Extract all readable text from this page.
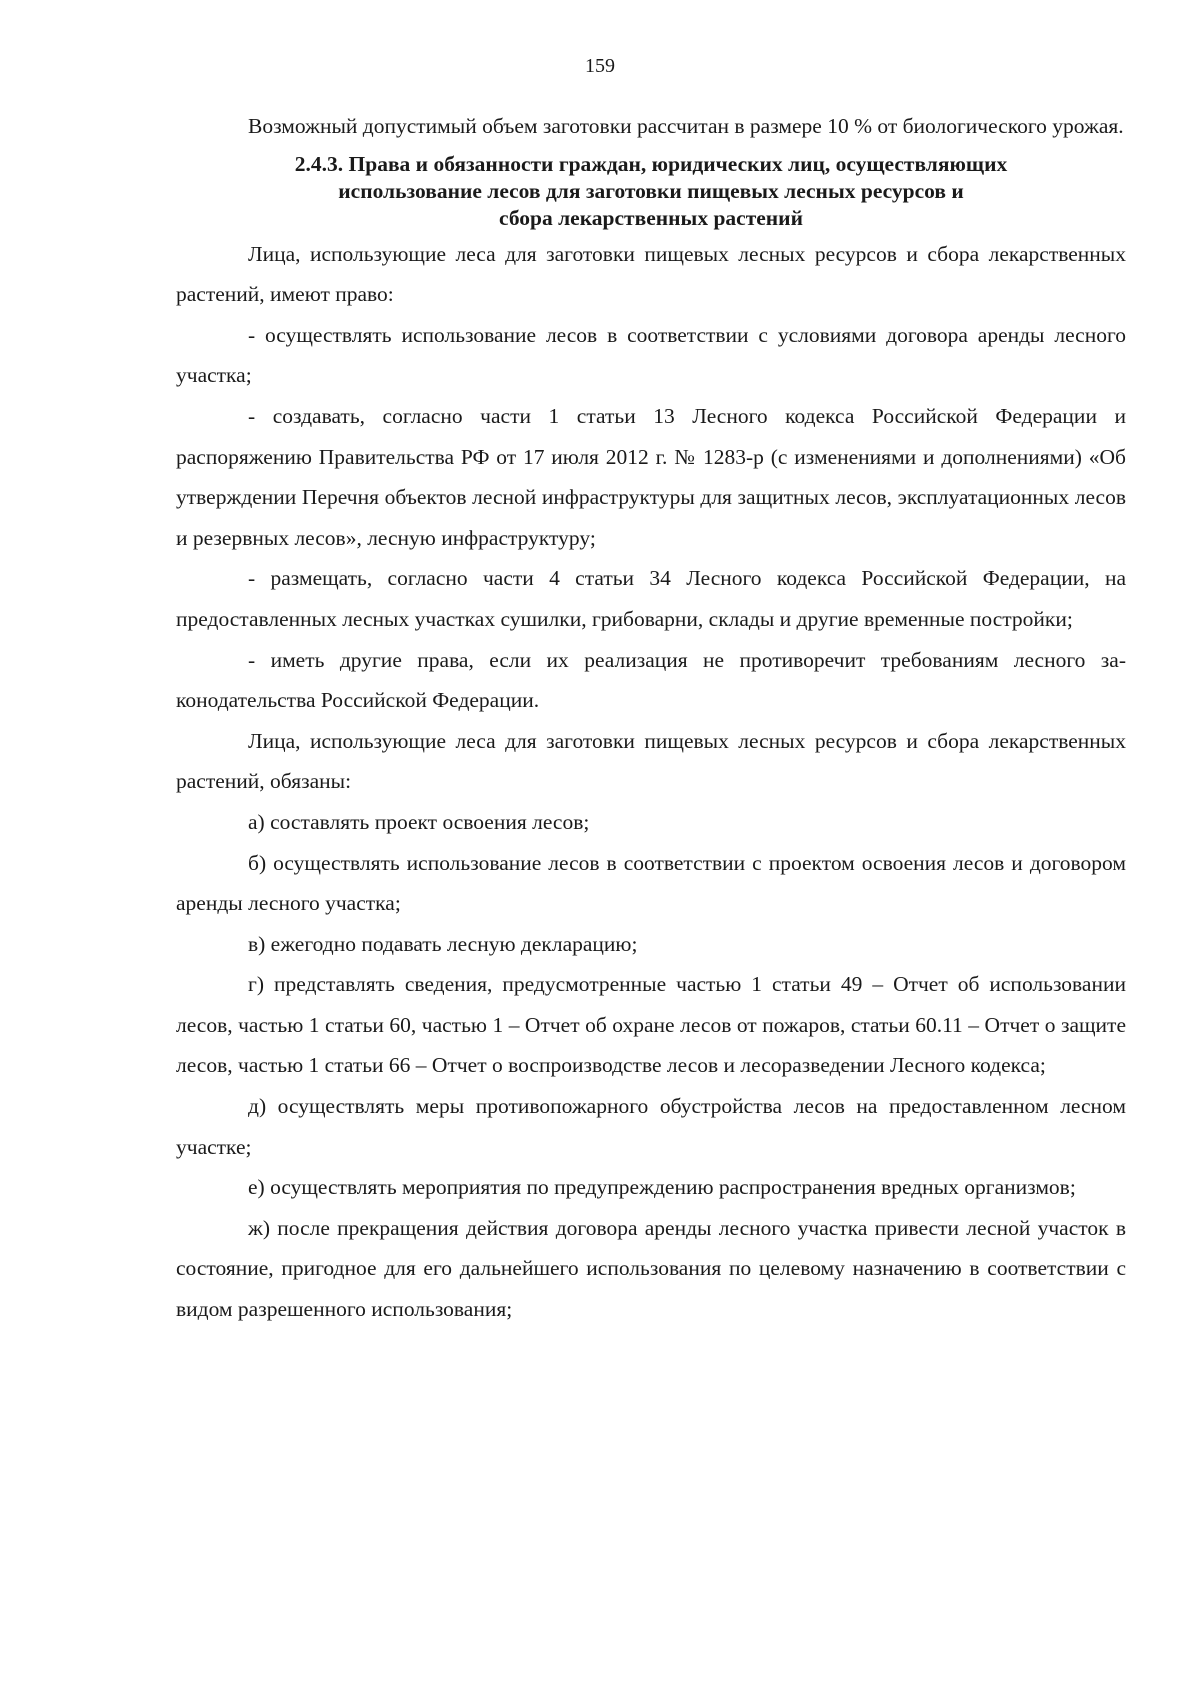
159

Возможный допустимый объем заготовки рассчитан в размере 10 % от биологического урожая.

2.4.3. Права и обязанности граждан, юридических лиц, осуществляющих
использование лесов для заготовки пищевых лесных ресурсов и
сбора лекарственных растений

Лица, использующие леса для заготовки пищевых лесных ресурсов и сбора лекарственных растений, имеют право:

- осуществлять использование лесов в соответствии с условиями договора аренды лесного участка;

- создавать, согласно части 1 статьи 13 Лесного кодекса Российской Федерации и распоряжению Правительства РФ от 17 июля 2012 г. № 1283-р (с изменениями и дополнениями) «Об утверждении Перечня объектов лесной инфраструктуры для защитных лесов, эксплуатационных лесов и резервных лесов», лесную инфраструктуру;

- размещать, согласно части 4 статьи 34 Лесного кодекса Российской Федерации, на предоставленных лесных участках сушилки, грибоварни, склады и другие временные постройки;

- иметь другие права, если их реализация не противоречит требованиям лесного законодательства Российской Федерации.

Лица, использующие леса для заготовки пищевых лесных ресурсов и сбора лекарственных растений, обязаны:

а) составлять проект освоения лесов;

б) осуществлять использование лесов в соответствии с проектом освоения лесов и договором аренды лесного участка;

в) ежегодно подавать лесную декларацию;

г) представлять сведения, предусмотренные частью 1 статьи 49 – Отчет об использовании лесов, частью 1 статьи 60, частью 1 – Отчет об охране лесов от пожаров, статьи 60.11 – Отчет о защите лесов, частью 1 статьи 66 – Отчет о воспроизводстве лесов и лесоразведении Лесного кодекса;

д) осуществлять меры противопожарного обустройства лесов на предоставленном лесном участке;

е) осуществлять мероприятия по предупреждению распространения вредных организмов;

ж) после прекращения действия договора аренды лесного участка привести лесной участок в состояние, пригодное для его дальнейшего использования по целевому назначению в соответствии с видом разрешенного использования;
